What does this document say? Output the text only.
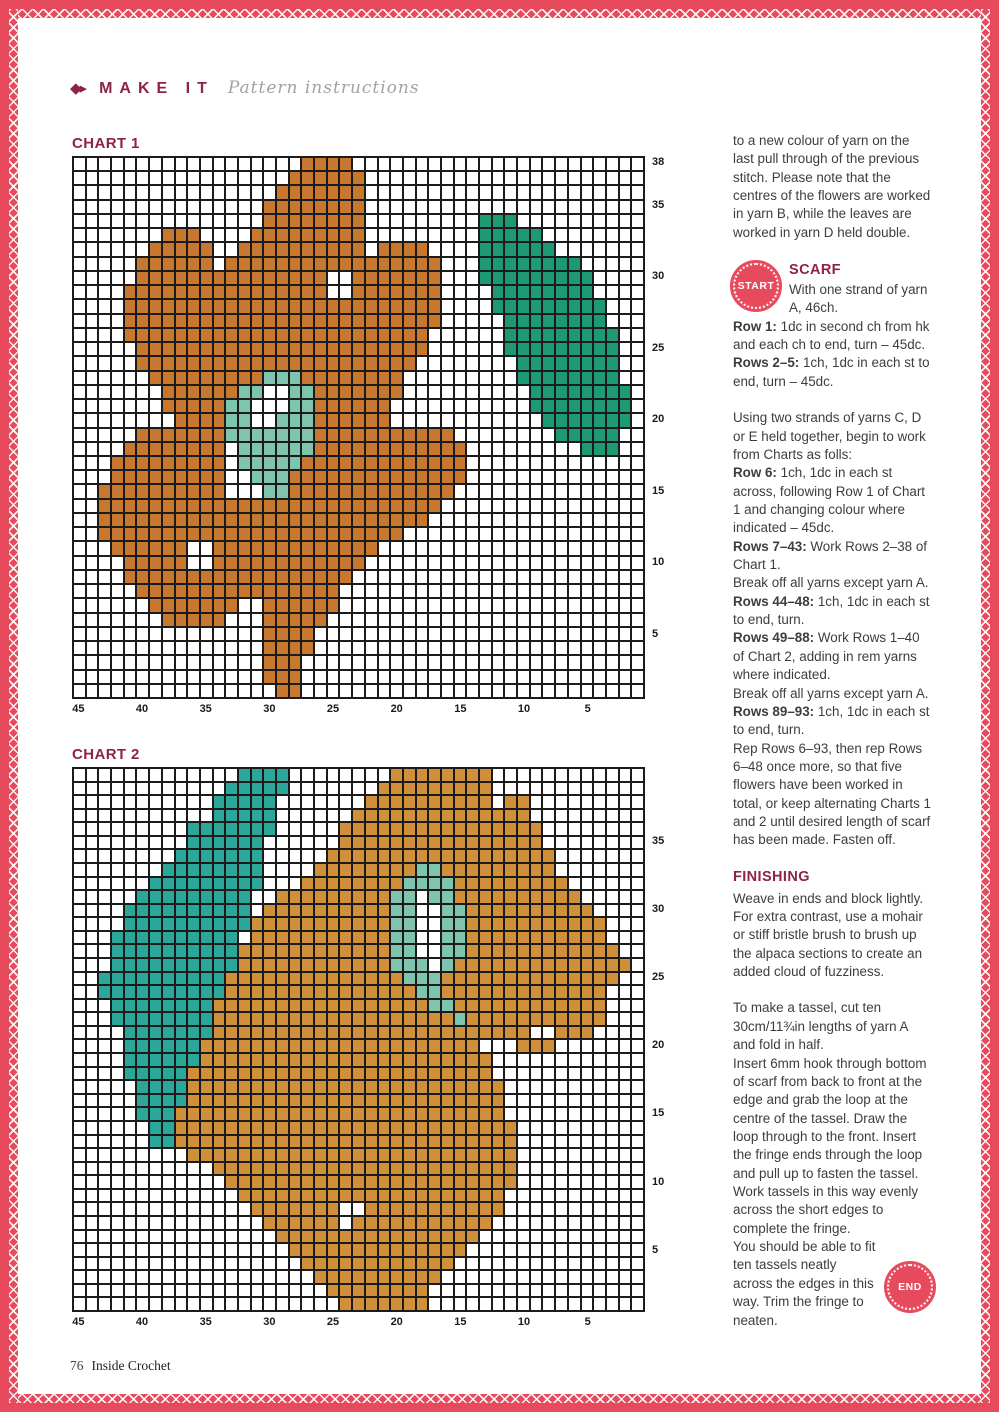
◆▸ MAKE IT Pattern instructions
CHART 1
38
35
30
25
20
15
10
5
45	40	35	30	25	20	15	10	5
CHART 2
35
30
25
20
15
10
5
45	40	35	30	25	20	15	10	5

to a new colour of yarn on the last pull through of the previous stitch. Please note that the centres of the flowers are worked in yarn B, while the leaves are worked in yarn D held double.

START
SCARF

With one strand of yarn A, 46ch.

Row 1: 1dc in second ch from hk and each ch to end, turn – 45dc.

Rows 2–5: 1ch, 1dc in each st to end, turn – 45dc.

Using two strands of yarns C, D or E held together, begin to work from Charts as folls:

Row 6: 1ch, 1dc in each st across, following Row 1 of Chart 1 and changing colour where indicated – 45dc.

Rows 7–43: Work Rows 2–38 of Chart 1.

Break off all yarns except yarn A.

Rows 44–48: 1ch, 1dc in each st to end, turn.

Rows 49–88: Work Rows 1–40 of Chart 2, adding in rem yarns where indicated.

Break off all yarns except yarn A.

Rows 89–93: 1ch, 1dc in each st to end, turn.

Rep Rows 6–93, then rep Rows 6–48 once more, so that five flowers have been worked in total, or keep alternating Charts 1 and 2 until desired length of scarf has been made. Fasten off.

FINISHING

Weave in ends and block lightly. For extra contrast, use a mohair or stiff bristle brush to brush up the alpaca sections to create an added cloud of fuzziness.

To make a tassel, cut ten 30cm/11¾in lengths of yarn A and fold in half.

Insert 6mm hook through bottom of scarf from back to front at the edge and grab the loop at the centre of the tassel. Draw the loop through to the front. Insert the fringe ends through the loop and pull up to fasten the tassel. Work tassels in this way evenly across the short edges to complete the fringe.

END
You should be able to fit ten tassels neatly across the edges in this way. Trim the fringe to neaten.

76 Inside Crochet
